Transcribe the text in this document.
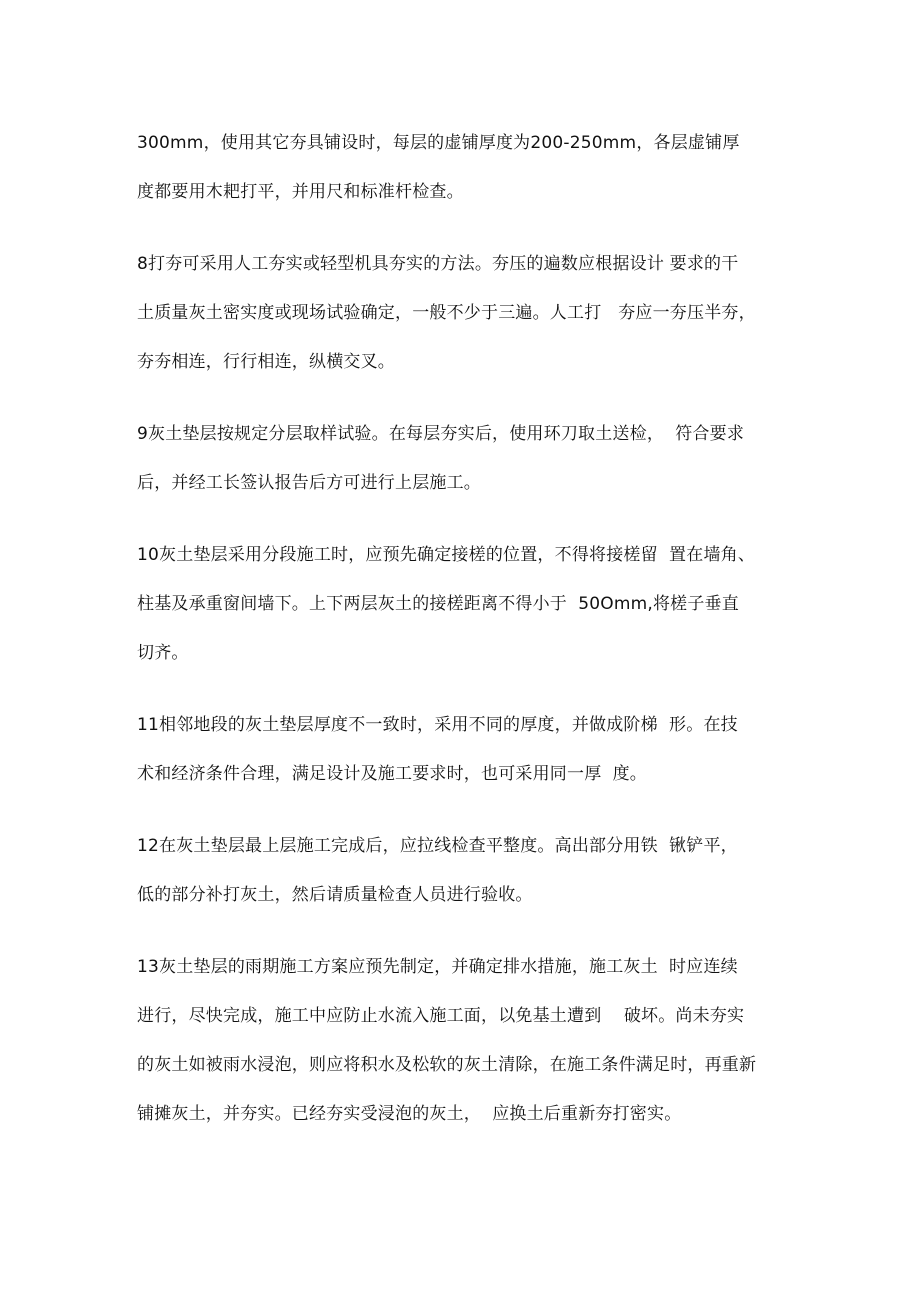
300mm，使用其它夯具铺设时，每层的虚铺厚度为200-250mm，各层虚铺厚
度都要用木耙打平，并用尺和标准杆检查。
8打夯可采用人工夯实或轻型机具夯实的方法。夯压的遍数应根据设计 要求的干
土质量灰土密实度或现场试验确定，一般不少于三遍。人工打   夯应一夯压半夯，
夯夯相连，行行相连，纵横交叉。
9灰土垫层按规定分层取样试验。在每层夯实后，使用环刀取土送检，  符合要求
后，并经工长签认报告后方可进行上层施工。
10灰土垫层采用分段施工时，应预先确定接槎的位置，不得将接槎留  置在墙角、
柱基及承重窗间墙下。上下两层灰土的接槎距离不得小于  50Omm,将槎子垂直
切齐。
11相邻地段的灰土垫层厚度不一致时，采用不同的厚度，并做成阶梯  形。在技
术和经济条件合理，满足设计及施工要求时，也可采用同一厚  度。
12在灰土垫层最上层施工完成后，应拉线检查平整度。高出部分用铁  锹铲平，
低的部分补打灰土，然后请质量检查人员进行验收。
13灰土垫层的雨期施工方案应预先制定，并确定排水措施，施工灰土  时应连续
进行，尽快完成，施工中应防止水流入施工面，以免基土遭到    破坏。尚未夯实
的灰土如被雨水浸泡，则应将积水及松软的灰土清除，在施工条件满足时，再重新
铺摊灰土，并夯实。已经夯实受浸泡的灰土，  应换土后重新夯打密实。
